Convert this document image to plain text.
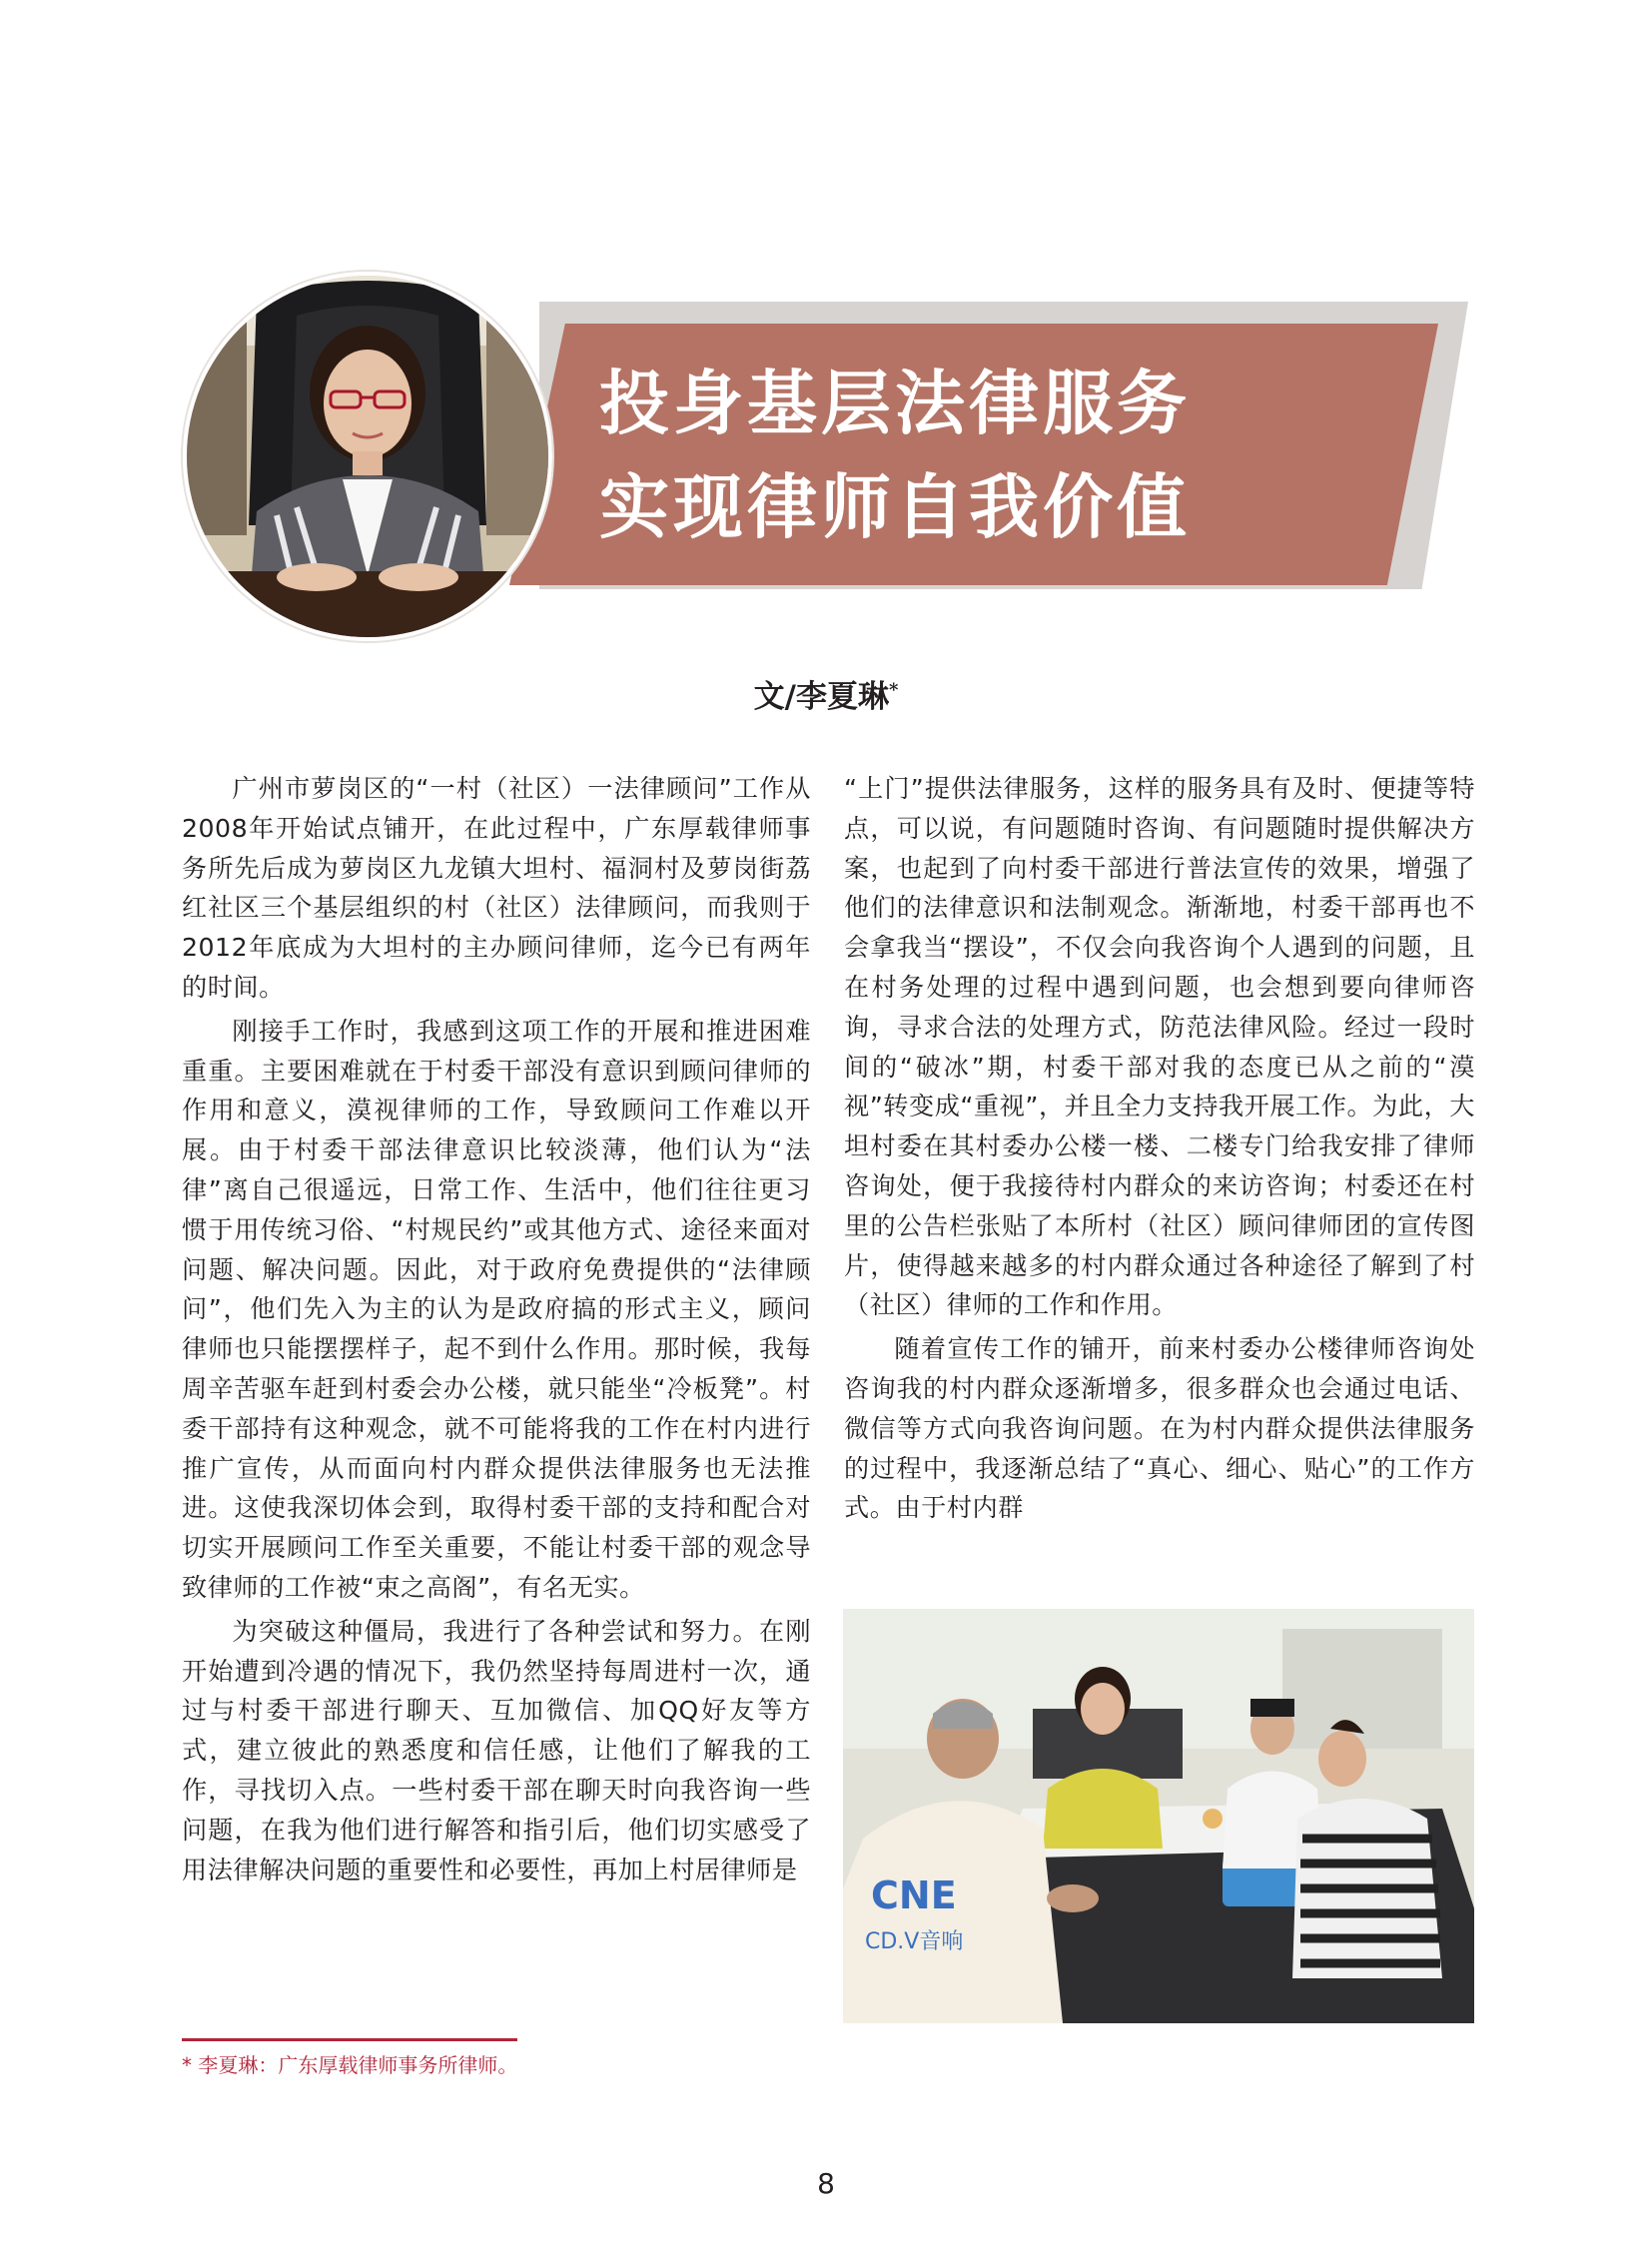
投身基层法律服务
实现律师自我价值
文/李夏琳*

广州市萝岗区的“一村（社区）一法律顾问”工作从2008年开始试点铺开，在此过程中，广东厚载律师事务所先后成为萝岗区九龙镇大坦村、福洞村及萝岗街荔红社区三个基层组织的村（社区）法律顾问，而我则于2012年底成为大坦村的主办顾问律师，迄今已有两年的时间。

刚接手工作时，我感到这项工作的开展和推进困难重重。主要困难就在于村委干部没有意识到顾问律师的作用和意义，漠视律师的工作，导致顾问工作难以开展。由于村委干部法律意识比较淡薄，他们认为“法律”离自己很遥远，日常工作、生活中，他们往往更习惯于用传统习俗、“村规民约”或其他方式、途径来面对问题、解决问题。因此，对于政府免费提供的“法律顾问”，他们先入为主的认为是政府搞的形式主义，顾问律师也只能摆摆样子，起不到什么作用。那时候，我每周辛苦驱车赶到村委会办公楼，就只能坐“冷板凳”。村委干部持有这种观念，就不可能将我的工作在村内进行推广宣传，从而面向村内群众提供法律服务也无法推进。这使我深切体会到，取得村委干部的支持和配合对切实开展顾问工作至关重要，不能让村委干部的观念导致律师的工作被“束之高阁”，有名无实。

为突破这种僵局，我进行了各种尝试和努力。在刚开始遭到冷遇的情况下，我仍然坚持每周进村一次，通过与村委干部进行聊天、互加微信、加QQ好友等方式，建立彼此的熟悉度和信任感，让他们了解我的工作，寻找切入点。一些村委干部在聊天时向我咨询一些问题，在我为他们进行解答和指引后，他们切实感受了用法律解决问题的重要性和必要性，再加上村居律师是

“上门”提供法律服务，这样的服务具有及时、便捷等特点，可以说，有问题随时咨询、有问题随时提供解决方案，也起到了向村委干部进行普法宣传的效果，增强了他们的法律意识和法制观念。渐渐地，村委干部再也不会拿我当“摆设”，不仅会向我咨询个人遇到的问题，且在村务处理的过程中遇到问题，也会想到要向律师咨询，寻求合法的处理方式，防范法律风险。经过一段时间的“破冰”期，村委干部对我的态度已从之前的“漠视”转变成“重视”，并且全力支持我开展工作。为此，大坦村委在其村委办公楼一楼、二楼专门给我安排了律师咨询处，便于我接待村内群众的来访咨询；村委还在村里的公告栏张贴了本所村（社区）顾问律师团的宣传图片，使得越来越多的村内群众通过各种途径了解到了村（社区）律师的工作和作用。

随着宣传工作的铺开，前来村委办公楼律师咨询处咨询我的村内群众逐渐增多，很多群众也会通过电话、微信等方式向我咨询问题。在为村内群众提供法律服务的过程中，我逐渐总结了“真心、细心、贴心”的工作方式。由于村内群

CNE
CD.V音响
* 李夏琳：广东厚载律师事务所律师。
8
